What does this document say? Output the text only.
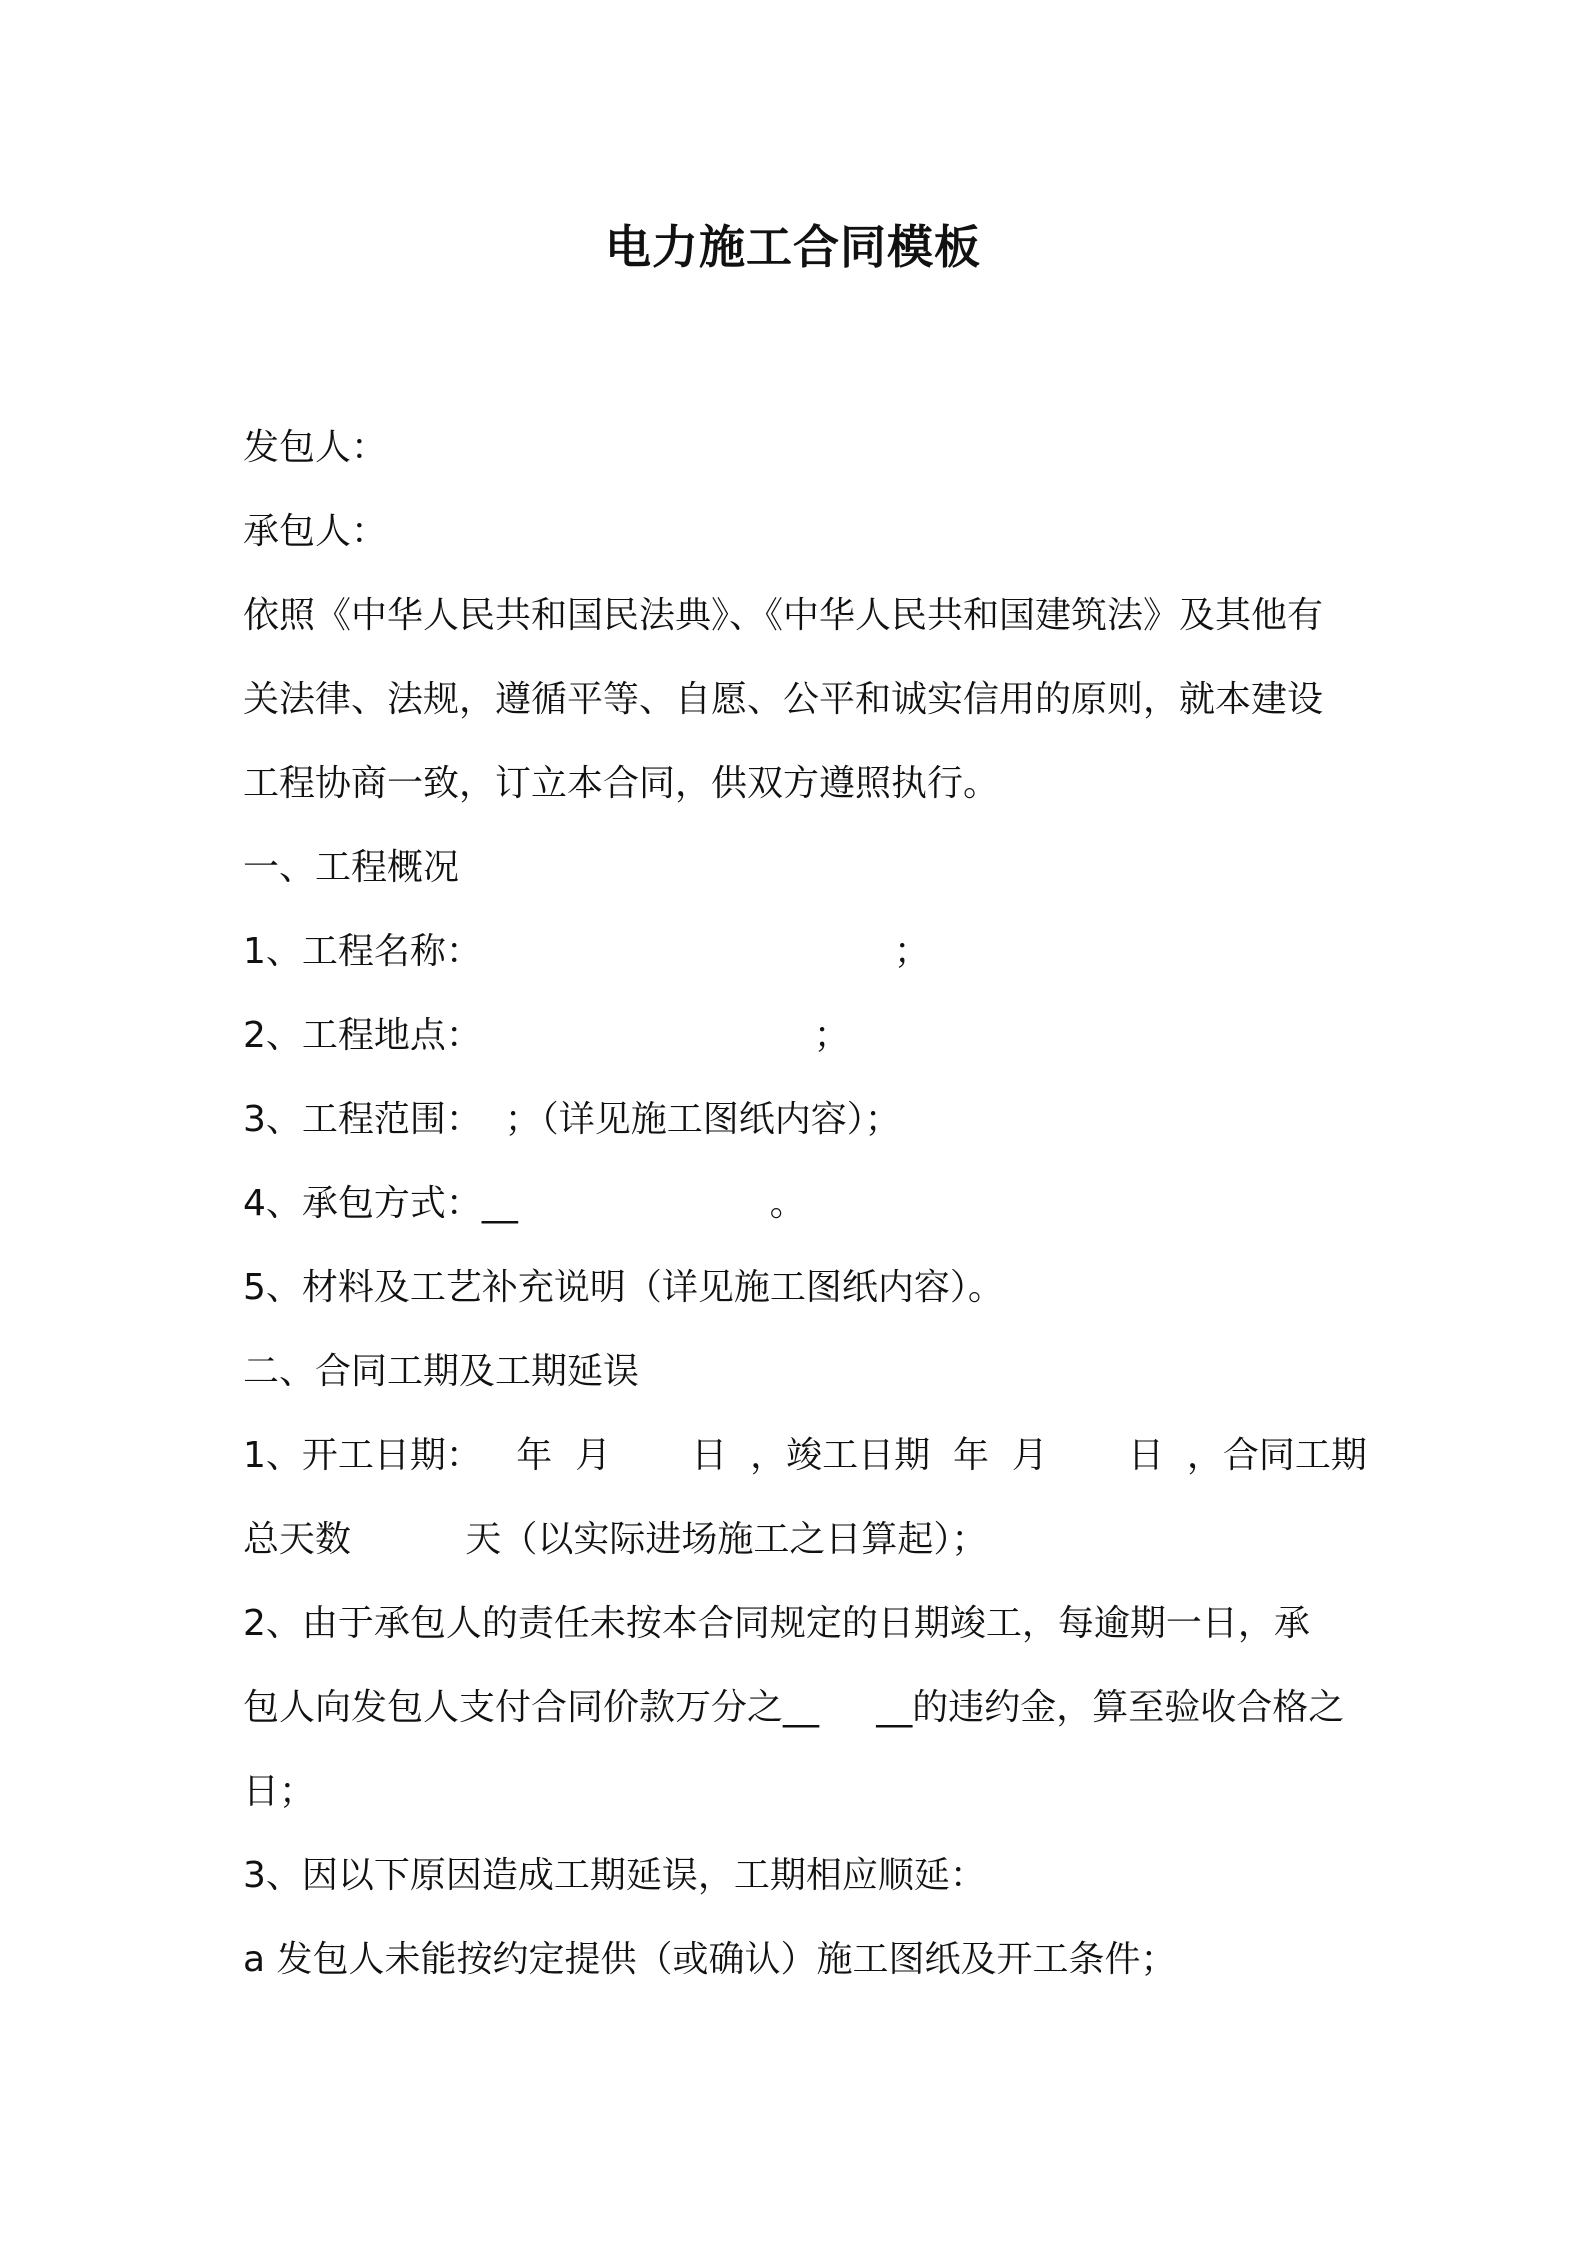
电力施工合同模板

发包人：

承包人：

依照《中华人民共和国民法典》、《中华人民共和国建筑法》及其他有

关法律、法规，遵循平等、自愿、公平和诚实信用的原则，就本建设

工程协商一致，订立本合同，供双方遵照执行。

一、工程概况

1、工程名称：                                    ；

2、工程地点：                             ；

3、工程范围：  ；（详见施工图纸内容）；

4、承包方式：__                      。

5、材料及工艺补充说明（详见施工图纸内容）。

二、合同工期及工期延误

1、开工日期：   年  月       日  ，竣工日期  年  月       日  ，合同工期

总天数          天（以实际进场施工之日算起）；

2、由于承包人的责任未按本合同规定的日期竣工，每逾期一日，承

包人向发包人支付合同价款万分之__     __的违约金，算至验收合格之

日；

3、因以下原因造成工期延误，工期相应顺延：

a 发包人未能按约定提供（或确认）施工图纸及开工条件；
